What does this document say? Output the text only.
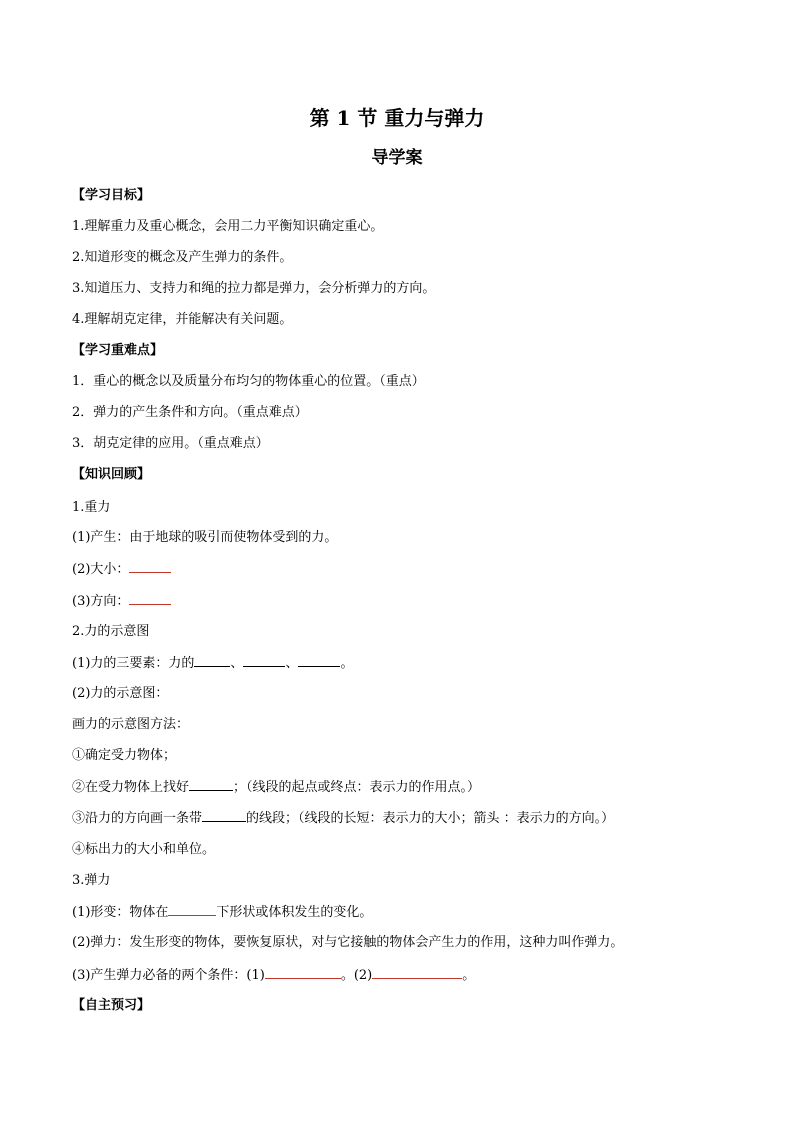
第 1 节 重力与弹力
导学案
【学习目标】
1.理解重力及重心概念，会用二力平衡知识确定重心。
2.知道形变的概念及产生弹力的条件。
3.知道压力、支持力和绳的拉力都是弹力，会分析弹力的方向。
4.理解胡克定律，并能解决有关问题。
【学习重难点】
1．重心的概念以及质量分布均匀的物体重心的位置。（重点）
2．弹力的产生条件和方向。（重点难点）
3．胡克定律的应用。（重点难点）
【知识回顾】
1.重力
(1)产生：由于地球的吸引而使物体受到的力。
(2)大小：
(3)方向：
2.力的示意图
(1)力的三要素：力的	、	、	。
(2)力的示意图：
画力的示意图方法：
①确定受力物体；
②在受力物体上找好	；（线段的起点或终点：表示力的作用点。）
③沿力的方向画一条带	的线段；（线段的长短：表示力的大小；箭头 ：表示力的方向。）
④标出力的大小和单位。
3.弹力
(1)形变：物体在	下形状或体积发生的变化。
(2)弹力：发生形变的物体，要恢复原状，对与它接触的物体会产生力的作用，这种力叫作弹力。
(3)产生弹力必备的两个条件：(1)	。(2)	。
【自主预习】
